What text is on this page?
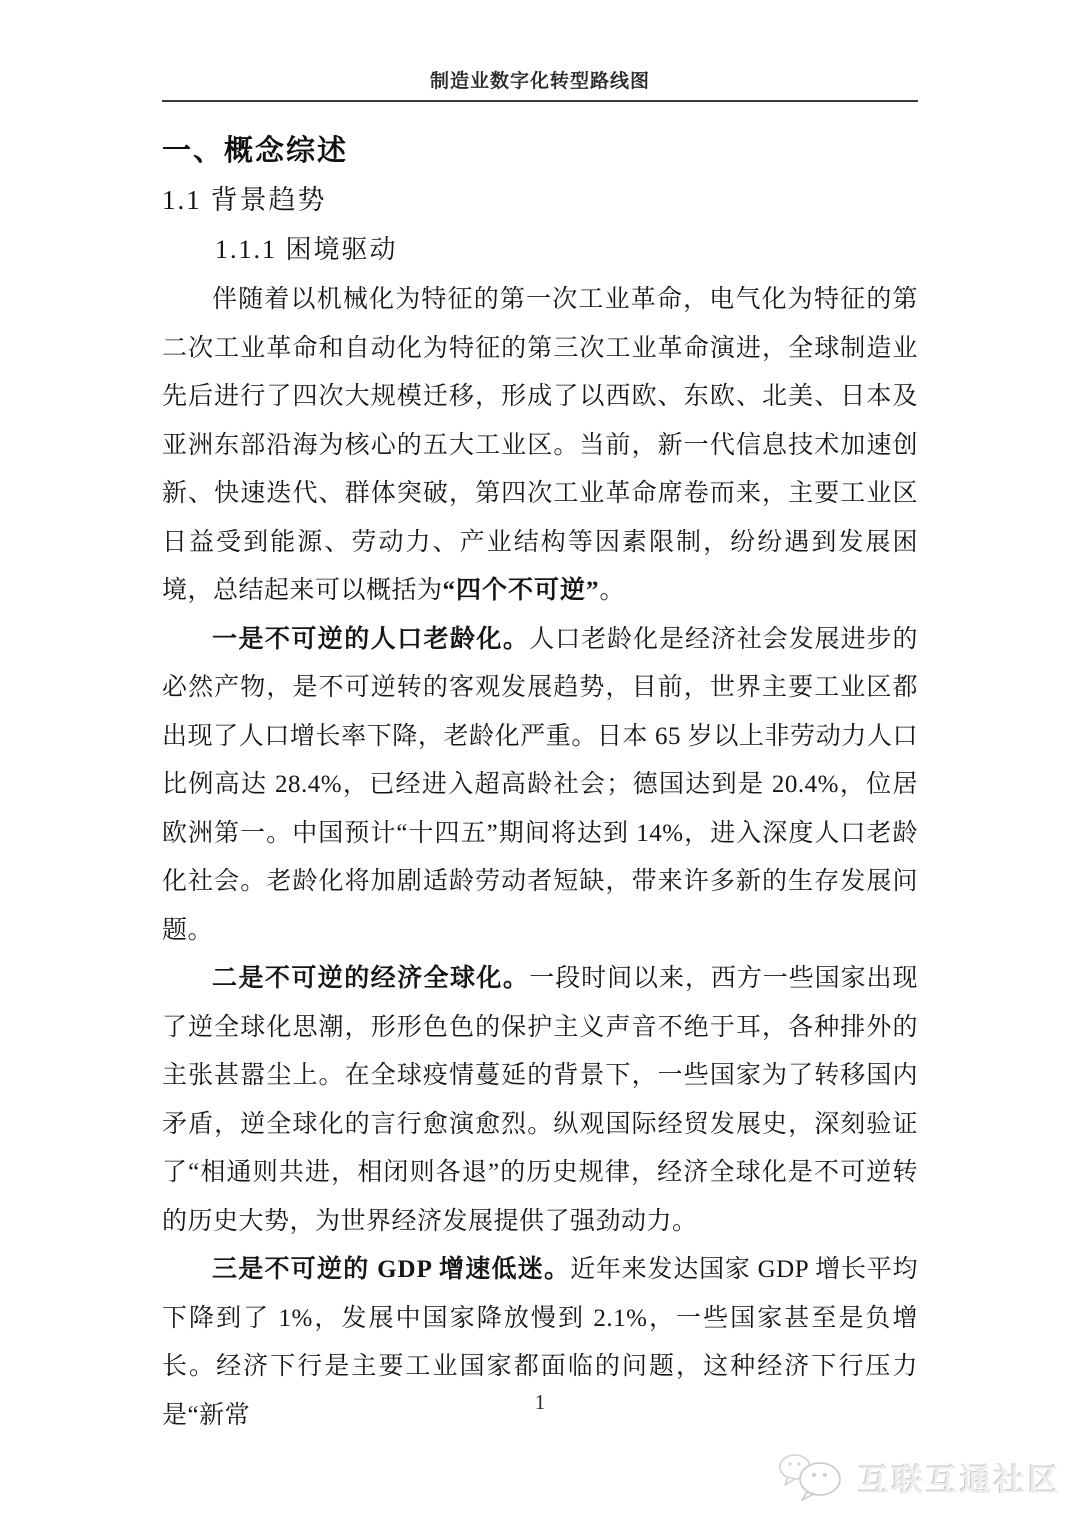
制造业数字化转型路线图
一、概念综述
1.1 背景趋势
1.1.1 困境驱动

伴随着以机械化为特征的第一次工业革命，电气化为特征的第二次工业革命和自动化为特征的第三次工业革命演进，全球制造业先后进行了四次大规模迁移，形成了以西欧、东欧、北美、日本及亚洲东部沿海为核心的五大工业区。当前，新一代信息技术加速创新、快速迭代、群体突破，第四次工业革命席卷而来，主要工业区日益受到能源、劳动力、产业结构等因素限制，纷纷遇到发展困境，总结起来可以概括为“四个不可逆”。

一是不可逆的人口老龄化。人口老龄化是经济社会发展进步的必然产物，是不可逆转的客观发展趋势，目前，世界主要工业区都出现了人口增长率下降，老龄化严重。日本 65 岁以上非劳动力人口比例高达 28.4%，已经进入超高龄社会；德国达到是 20.4%，位居欧洲第一。中国预计“十四五”期间将达到 14%，进入深度人口老龄化社会。老龄化将加剧适龄劳动者短缺，带来许多新的生存发展问题。

二是不可逆的经济全球化。一段时间以来，西方一些国家出现了逆全球化思潮，形形色色的保护主义声音不绝于耳，各种排外的主张甚嚣尘上。在全球疫情蔓延的背景下，一些国家为了转移国内矛盾，逆全球化的言行愈演愈烈。纵观国际经贸发展史，深刻验证了“相通则共进，相闭则各退”的历史规律，经济全球化是不可逆转的历史大势，为世界经济发展提供了强劲动力。

三是不可逆的 GDP 增速低迷。近年来发达国家 GDP 增长平均下降到了 1%，发展中国家降放慢到 2.1%，一些国家甚至是负增长。经济下行是主要工业国家都面临的问题，这种经济下行压力是“新常	1
互联互通社区
